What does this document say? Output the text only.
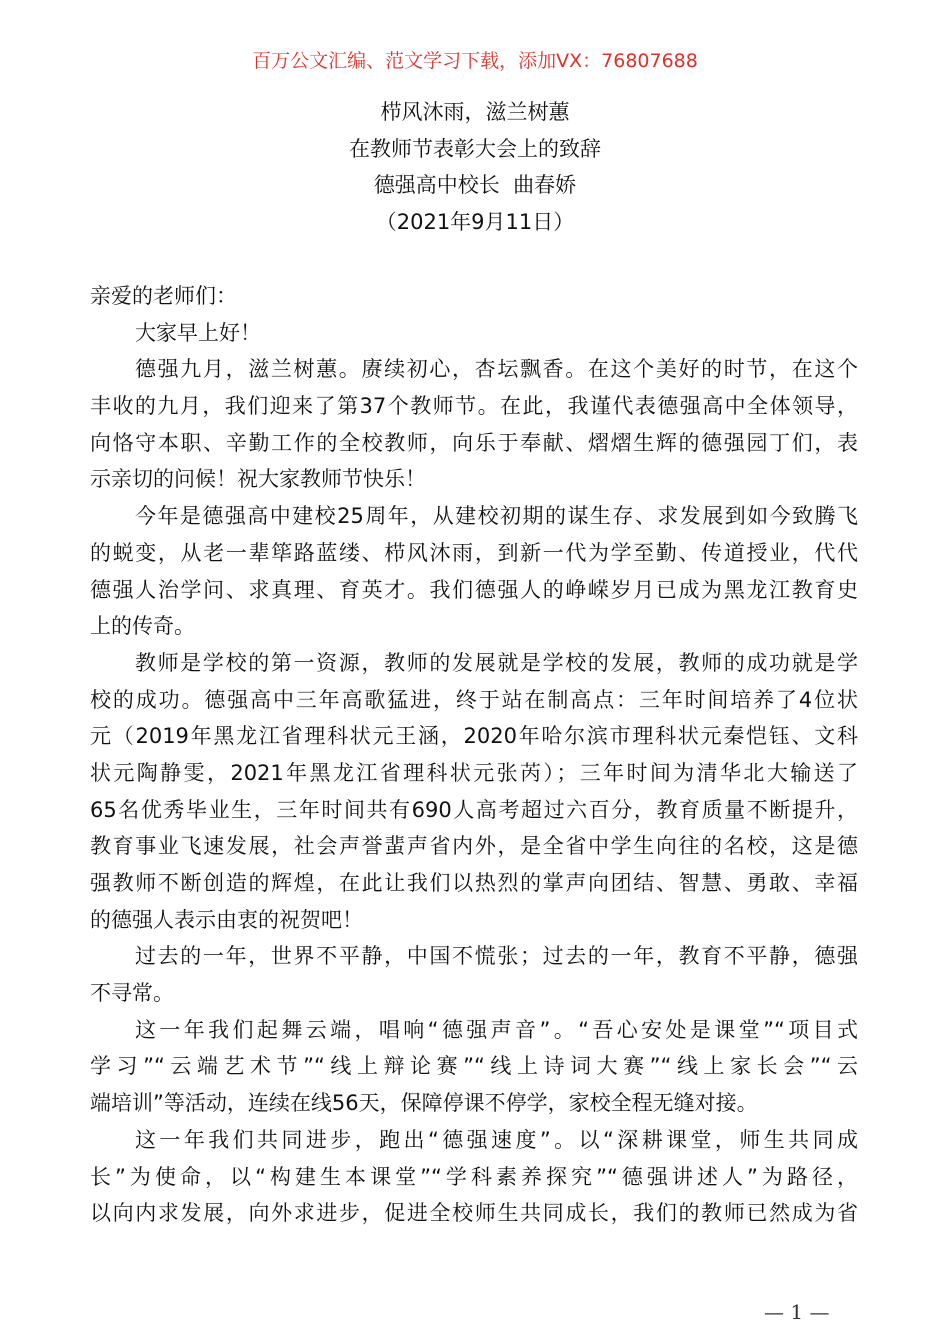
百万公文汇编、范文学习下载，添加VX：76807688
栉风沐雨，滋兰树蕙
在教师节表彰大会上的致辞
德强高中校长  曲春娇
（2021年9月11日）
亲爱的老师们：
大家早上好！
德强九月，滋兰树蕙。赓续初心，杏坛飘香。在这个美好的时节，在这个
丰收的九月，我们迎来了第37个教师节。在此，我谨代表德强高中全体领导，
向恪守本职、辛勤工作的全校教师，向乐于奉献、熠熠生辉的德强园丁们，表
示亲切的问候！祝大家教师节快乐！
今年是德强高中建校25周年，从建校初期的谋生存、求发展到如今致腾飞
的蜕变，从老一辈筚路蓝缕、栉风沐雨，到新一代为学至勤、传道授业，代代
德强人治学问、求真理、育英才。我们德强人的峥嵘岁月已成为黑龙江教育史
上的传奇。
教师是学校的第一资源，教师的发展就是学校的发展，教师的成功就是学
校的成功。德强高中三年高歌猛进，终于站在制高点：三年时间培养了4位状
元（2019年黑龙江省理科状元王涵，2020年哈尔滨市理科状元秦恺钰、文科
状元陶静雯，2021年黑龙江省理科状元张芮）；三年时间为清华北大输送了
65名优秀毕业生，三年时间共有690人高考超过六百分，教育质量不断提升，
教育事业飞速发展，社会声誉蜚声省内外，是全省中学生向往的名校，这是德
强教师不断创造的辉煌，在此让我们以热烈的掌声向团结、智慧、勇敢、幸福
的德强人表示由衷的祝贺吧！
过去的一年，世界不平静，中国不慌张；过去的一年，教育不平静，德强
不寻常。
这一年我们起舞云端，唱响“德强声音”。“吾心安处是课堂”“项目式
学习”“云端艺术节”“线上辩论赛”“线上诗词大赛”“线上家长会”“云
端培训”等活动，连续在线56天，保障停课不停学，家校全程无缝对接。
这一年我们共同进步，跑出“德强速度”。以“深耕课堂，师生共同成
长”为使命，以“构建生本课堂”“学科素养探究”“德强讲述人”为路径，
以向内求发展，向外求进步，促进全校师生共同成长，我们的教师已然成为省
— 1 —
